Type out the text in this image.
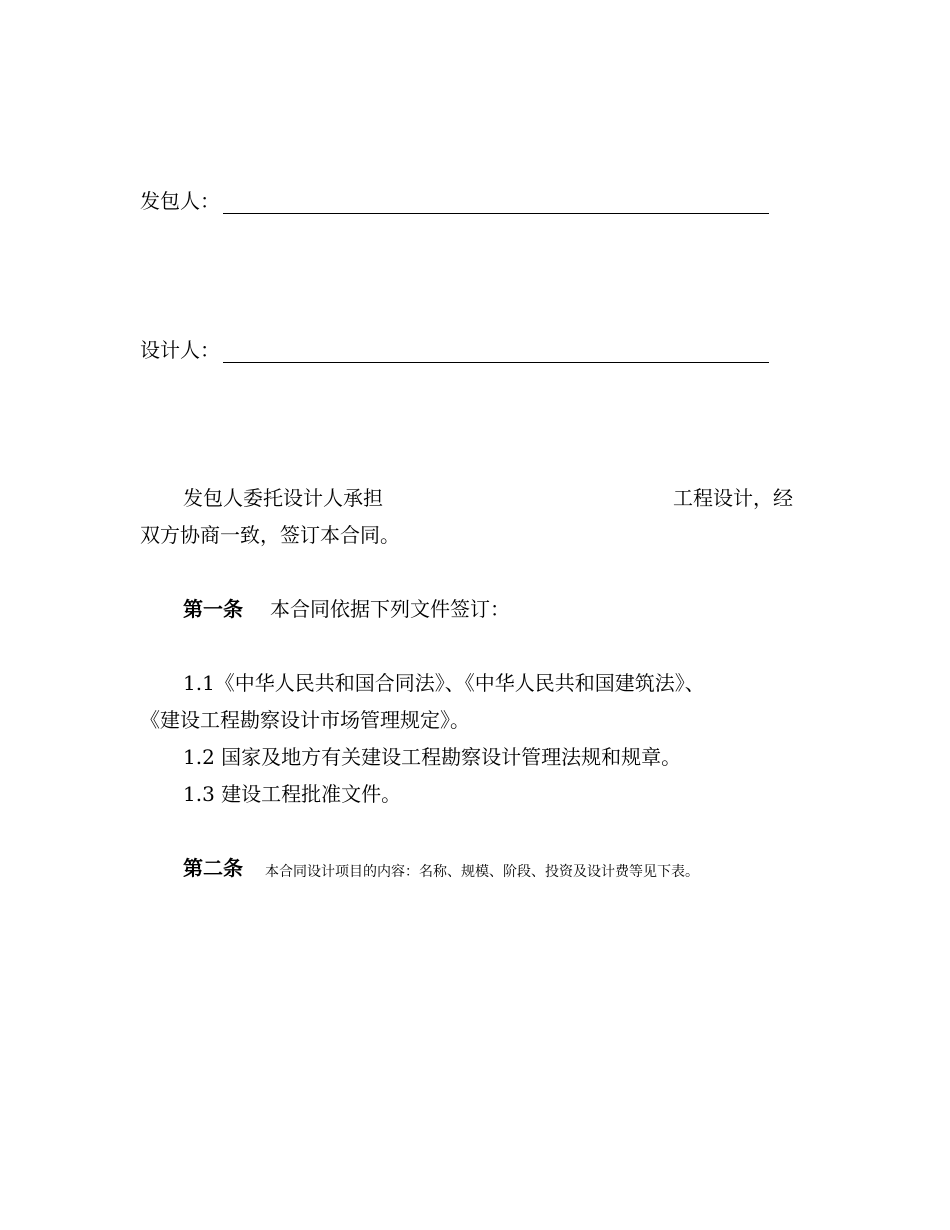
发包人：
设计人：
发包人委托设计人承担	工程设计，经
双方协商一致，签订本合同。
第一条 本合同依据下列文件签订：
1.1《中华人民共和国合同法》、《中华人民共和国建筑法》、
《建设工程勘察设计市场管理规定》。
1.2 国家及地方有关建设工程勘察设计管理法规和规章。
1.3 建设工程批准文件。
第二条 本合同设计项目的内容：名称、规模、阶段、投资及设计费等见下表。
